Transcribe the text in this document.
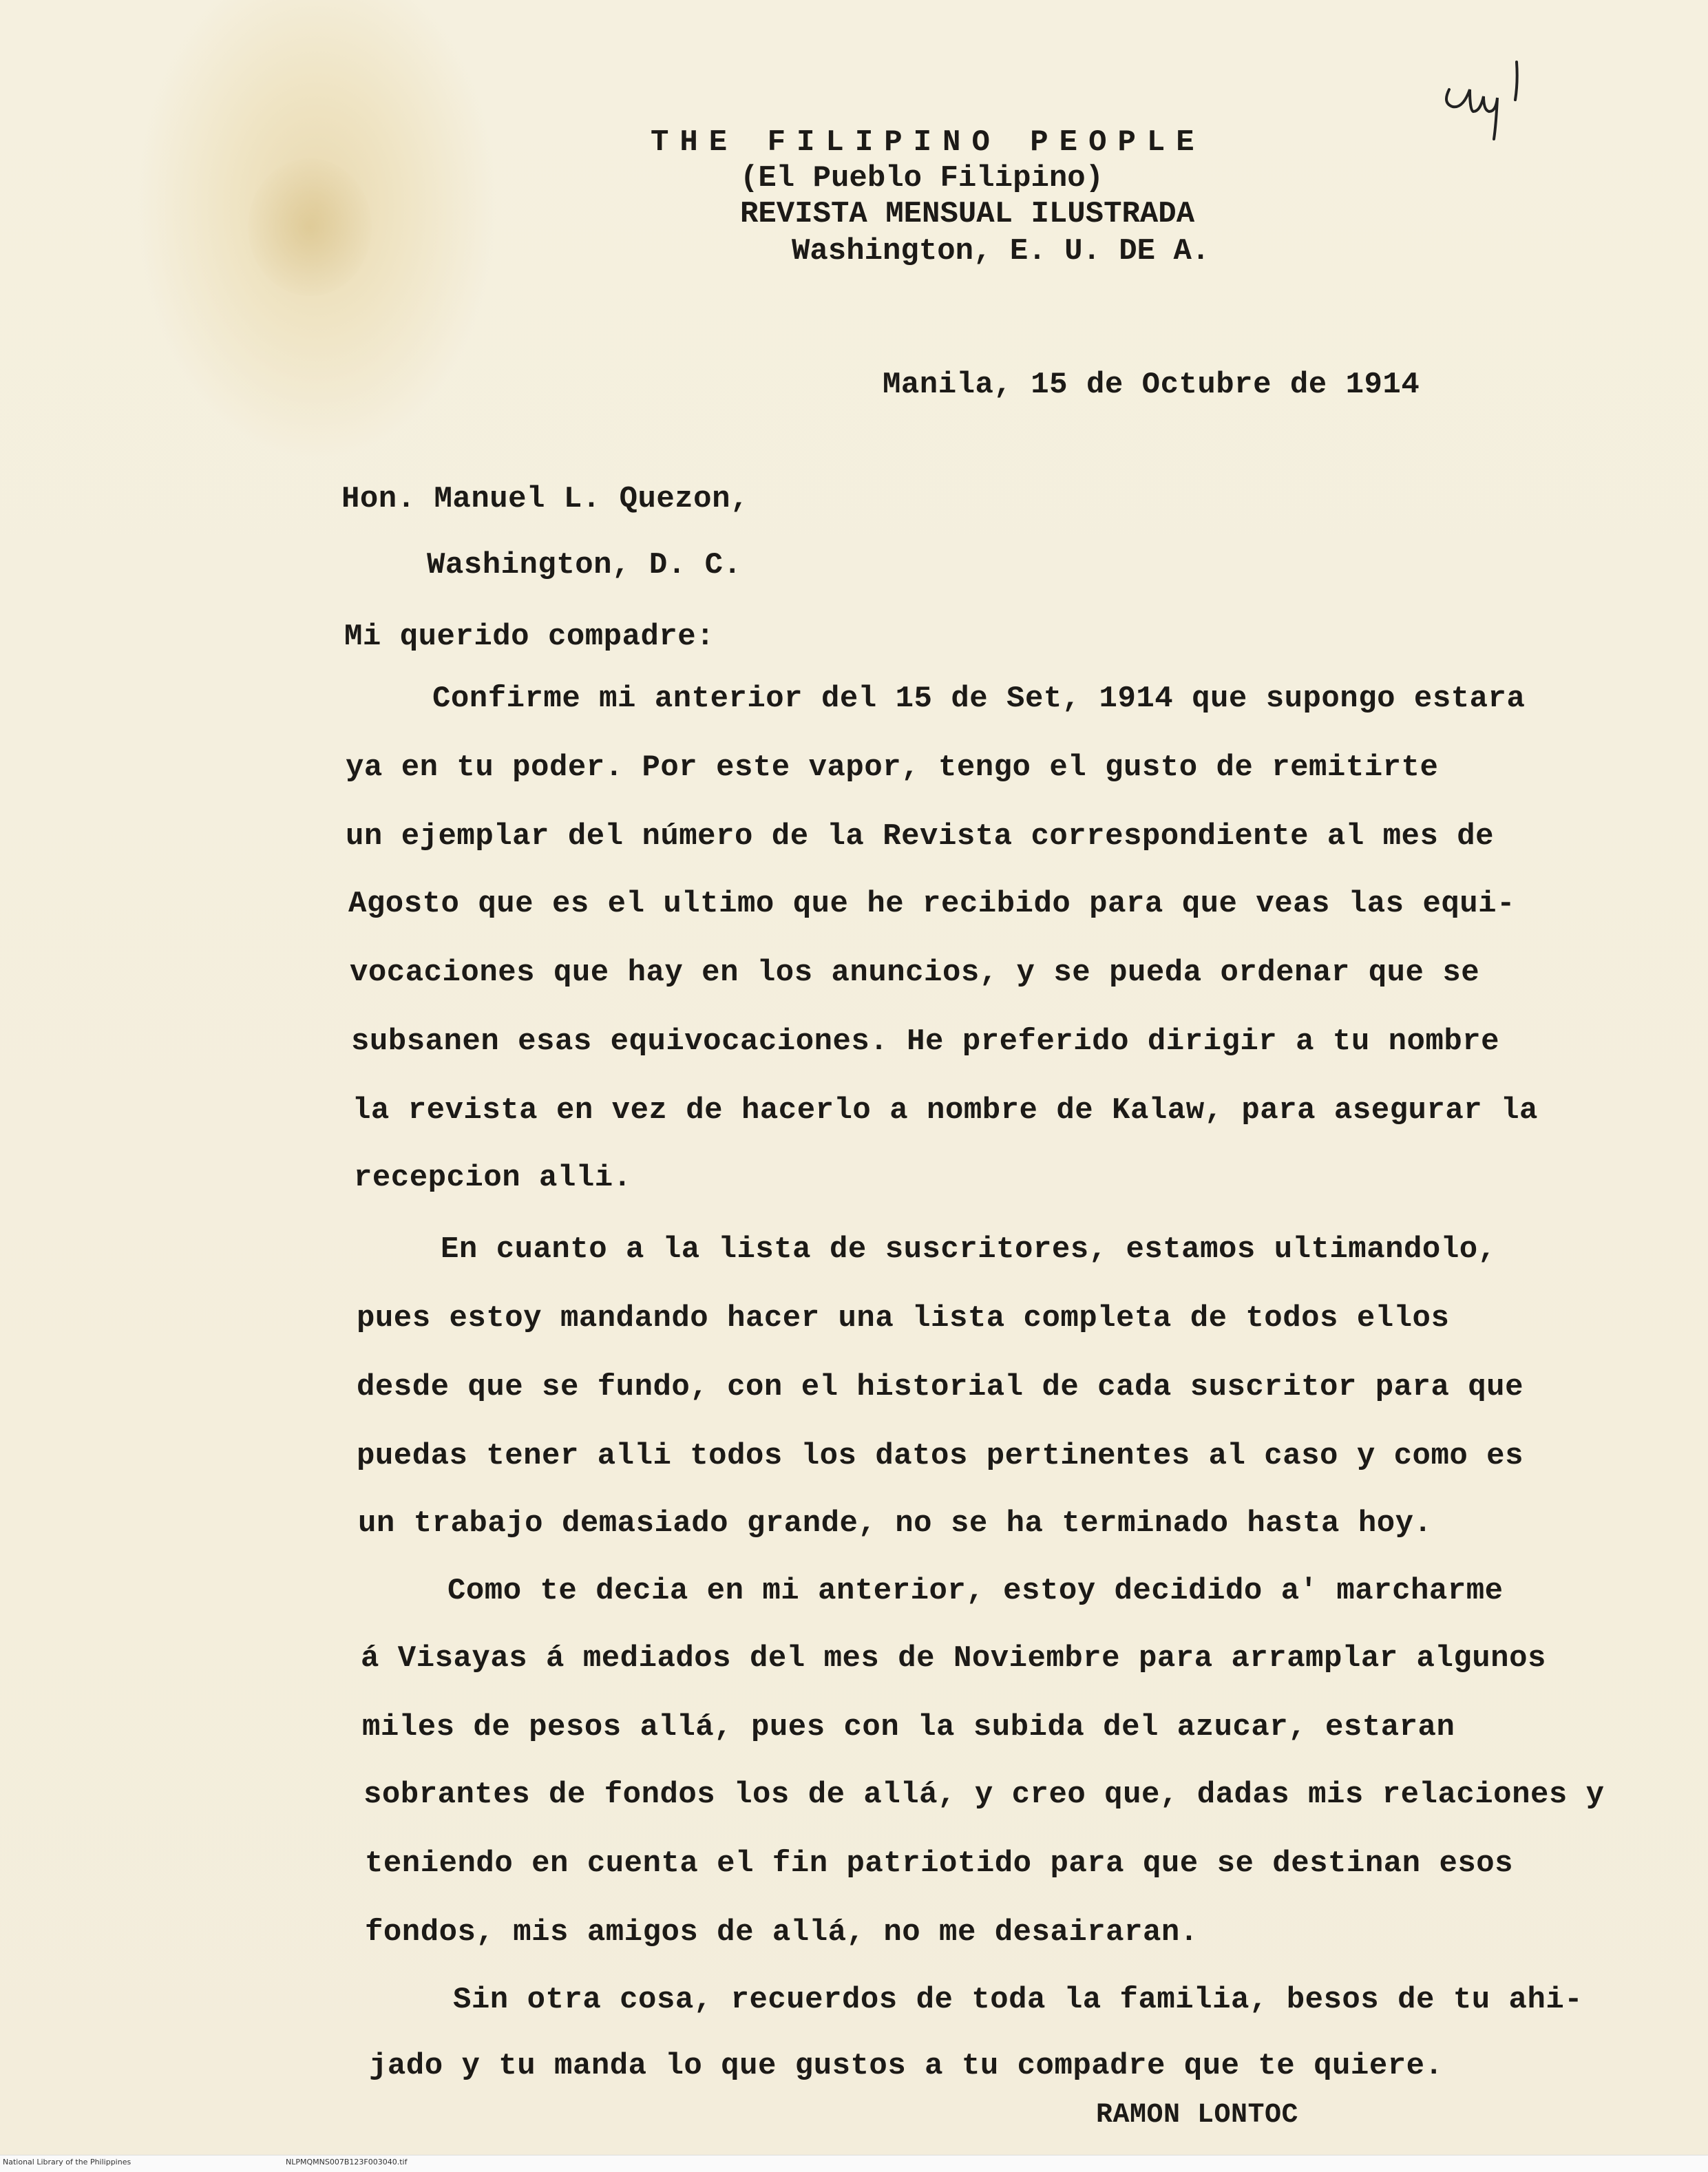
THE FILIPINO PEOPLE
(El Pueblo Filipino)
REVISTA MENSUAL ILUSTRADA
Washington, E. U. DE A.
dup.
Manila, 15 de Octubre de 1914
Hon. Manuel L. Quezon,
Washington, D. C.
Mi querido compadre:
Confirme mi anterior del 15 de Set, 1914 que supongo estara
ya en tu poder. Por este vapor, tengo el gusto de remitirte
un ejemplar del número de la Revista correspondiente al mes de
Agosto que es el ultimo que he recibido para que veas las equi-
vocaciones que hay en los anuncios, y se pueda ordenar que se
subsanen esas equivocaciones. He preferido dirigir a tu nombre
la revista en vez de hacerlo a nombre de Kalaw, para asegurar la
recepcion alli.
En cuanto a la lista de suscritores, estamos ultimandolo,
pues estoy mandando hacer una lista completa de todos ellos
desde que se fundo, con el historial de cada suscritor para que
puedas tener alli todos los datos pertinentes al caso y como es
un trabajo demasiado grande, no se ha terminado hasta hoy.
Como te decia en mi anterior, estoy decidido a' marcharme
á Visayas á mediados del mes de Noviembre para arramplar algunos
miles de pesos allá, pues con la subida del azucar, estaran
sobrantes de fondos los de allá, y creo que, dadas mis relaciones y
teniendo en cuenta el fin patriotido para que se destinan esos
fondos, mis amigos de allá, no me desairaran.
Sin otra cosa, recuerdos de toda la familia, besos de tu ahi-
jado y tu manda lo que gustos a tu compadre que te quiere.
RAMON LONTOC
National Library of the Philippines	NLPMQMNS007B123F003040.tif
